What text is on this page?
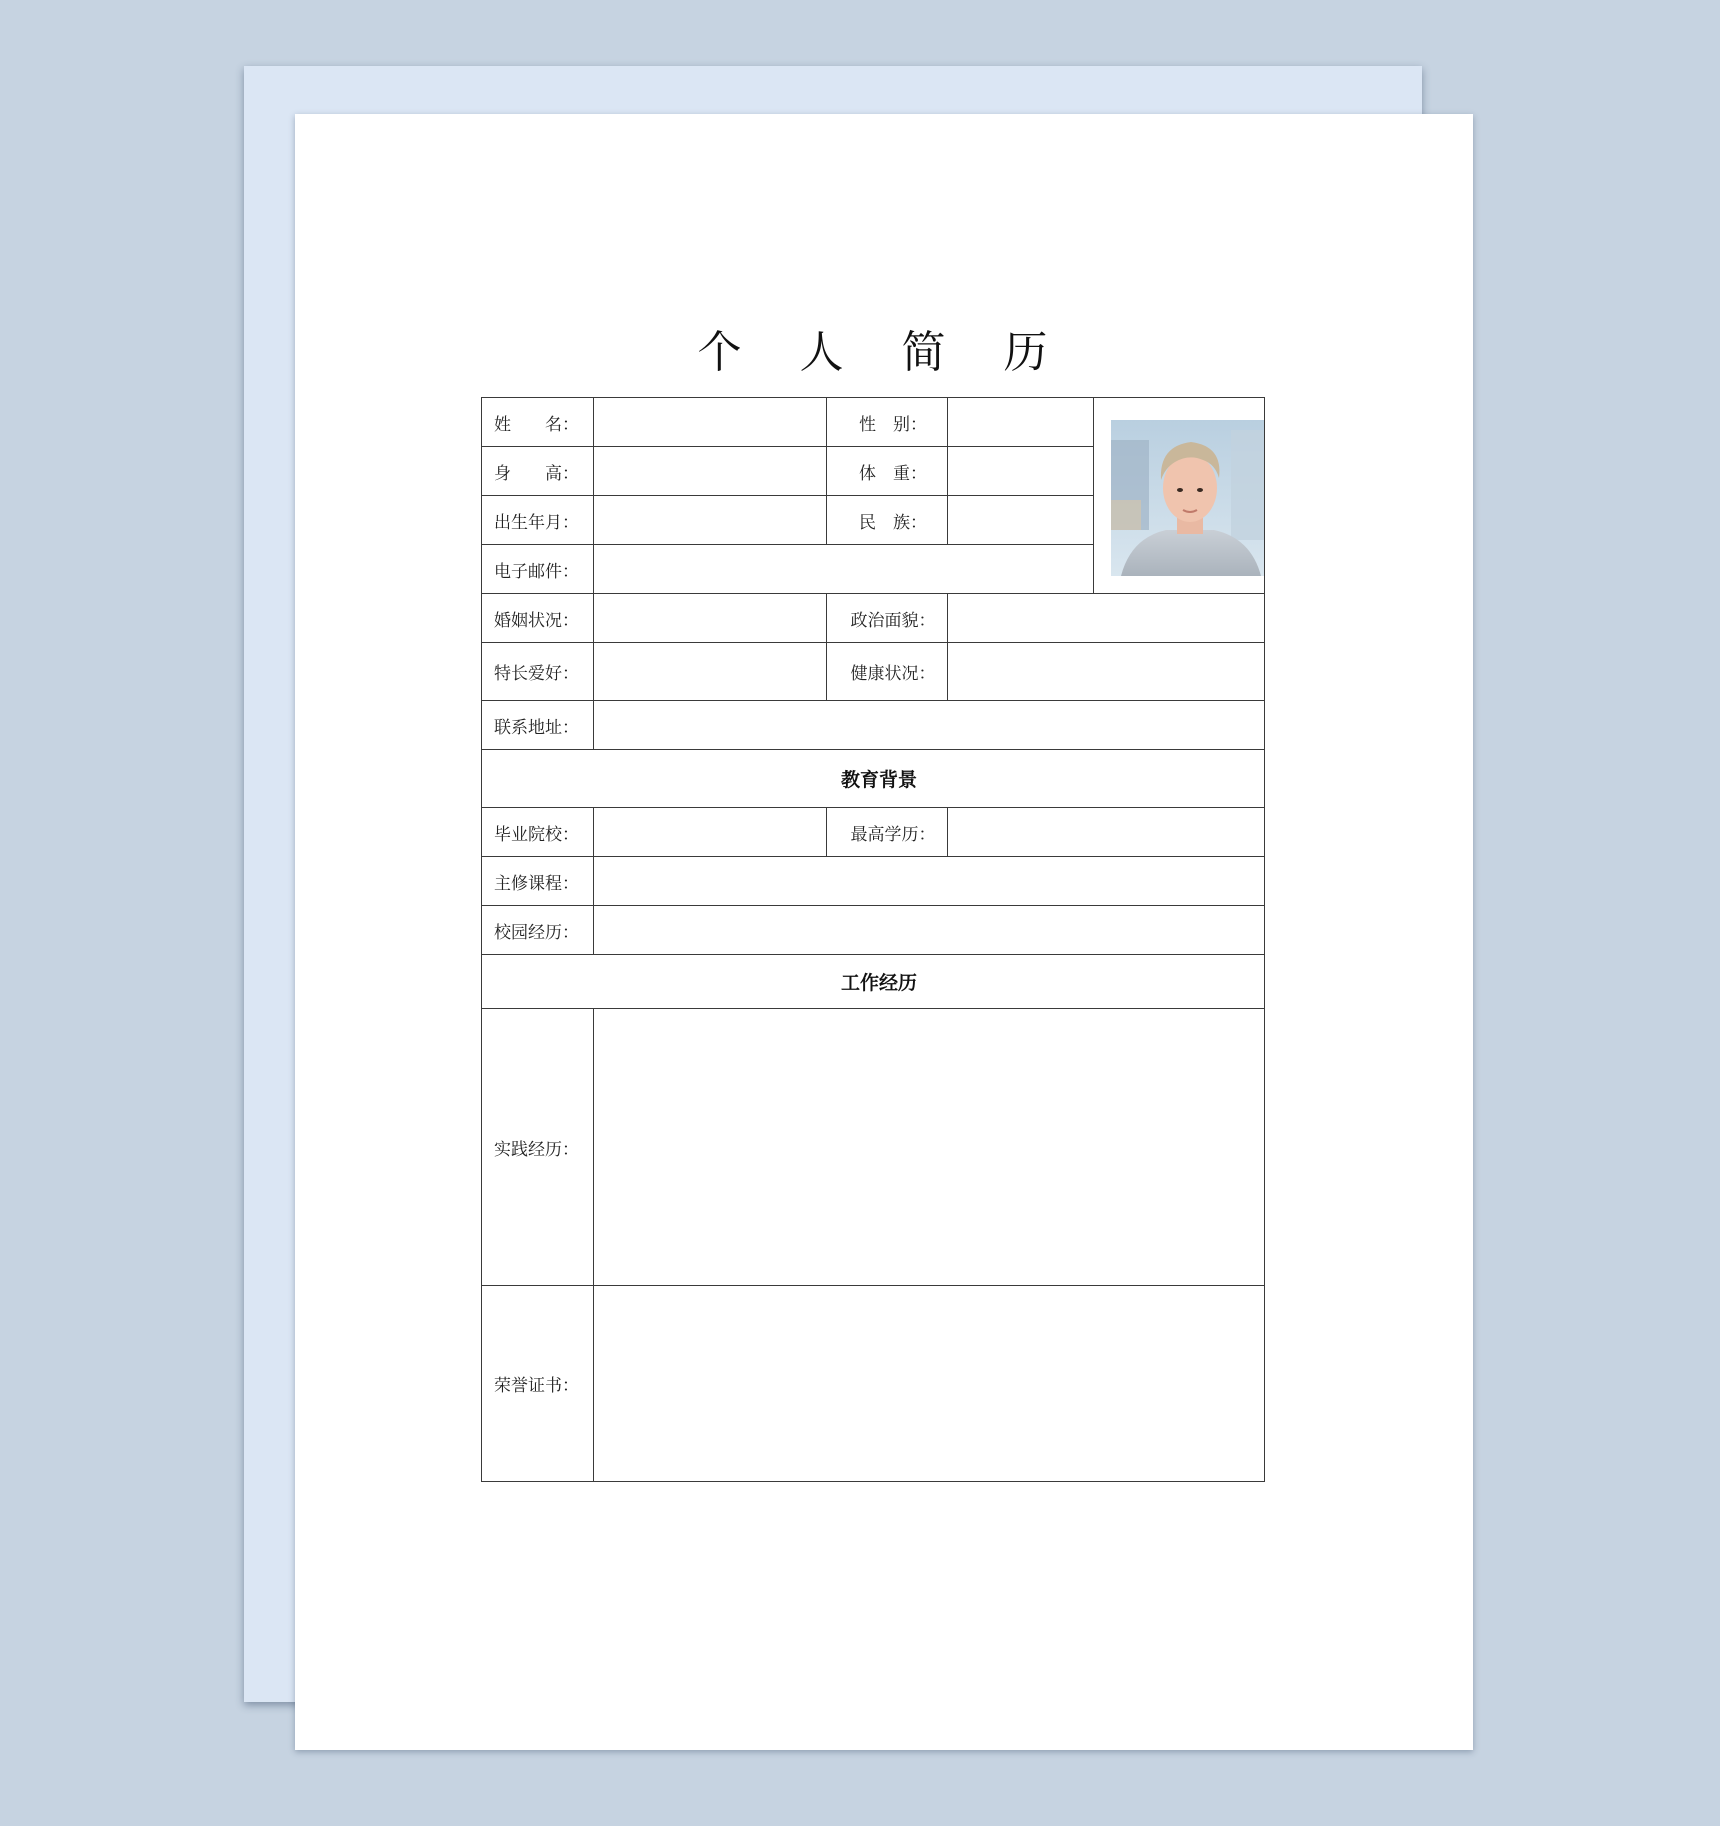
个 人 简 历
姓　　名：		性　别：		

身　　高：		体　重：		
出生年月：		民　族：		
电子邮件：				
婚姻状况：		政治面貌：		
特长爱好：		健康状况：		
联系地址：				
教育背景				
毕业院校：		最高学历：		
主修课程：				
校园经历：				
工作经历				
实践经历：				
荣誉证书：				
